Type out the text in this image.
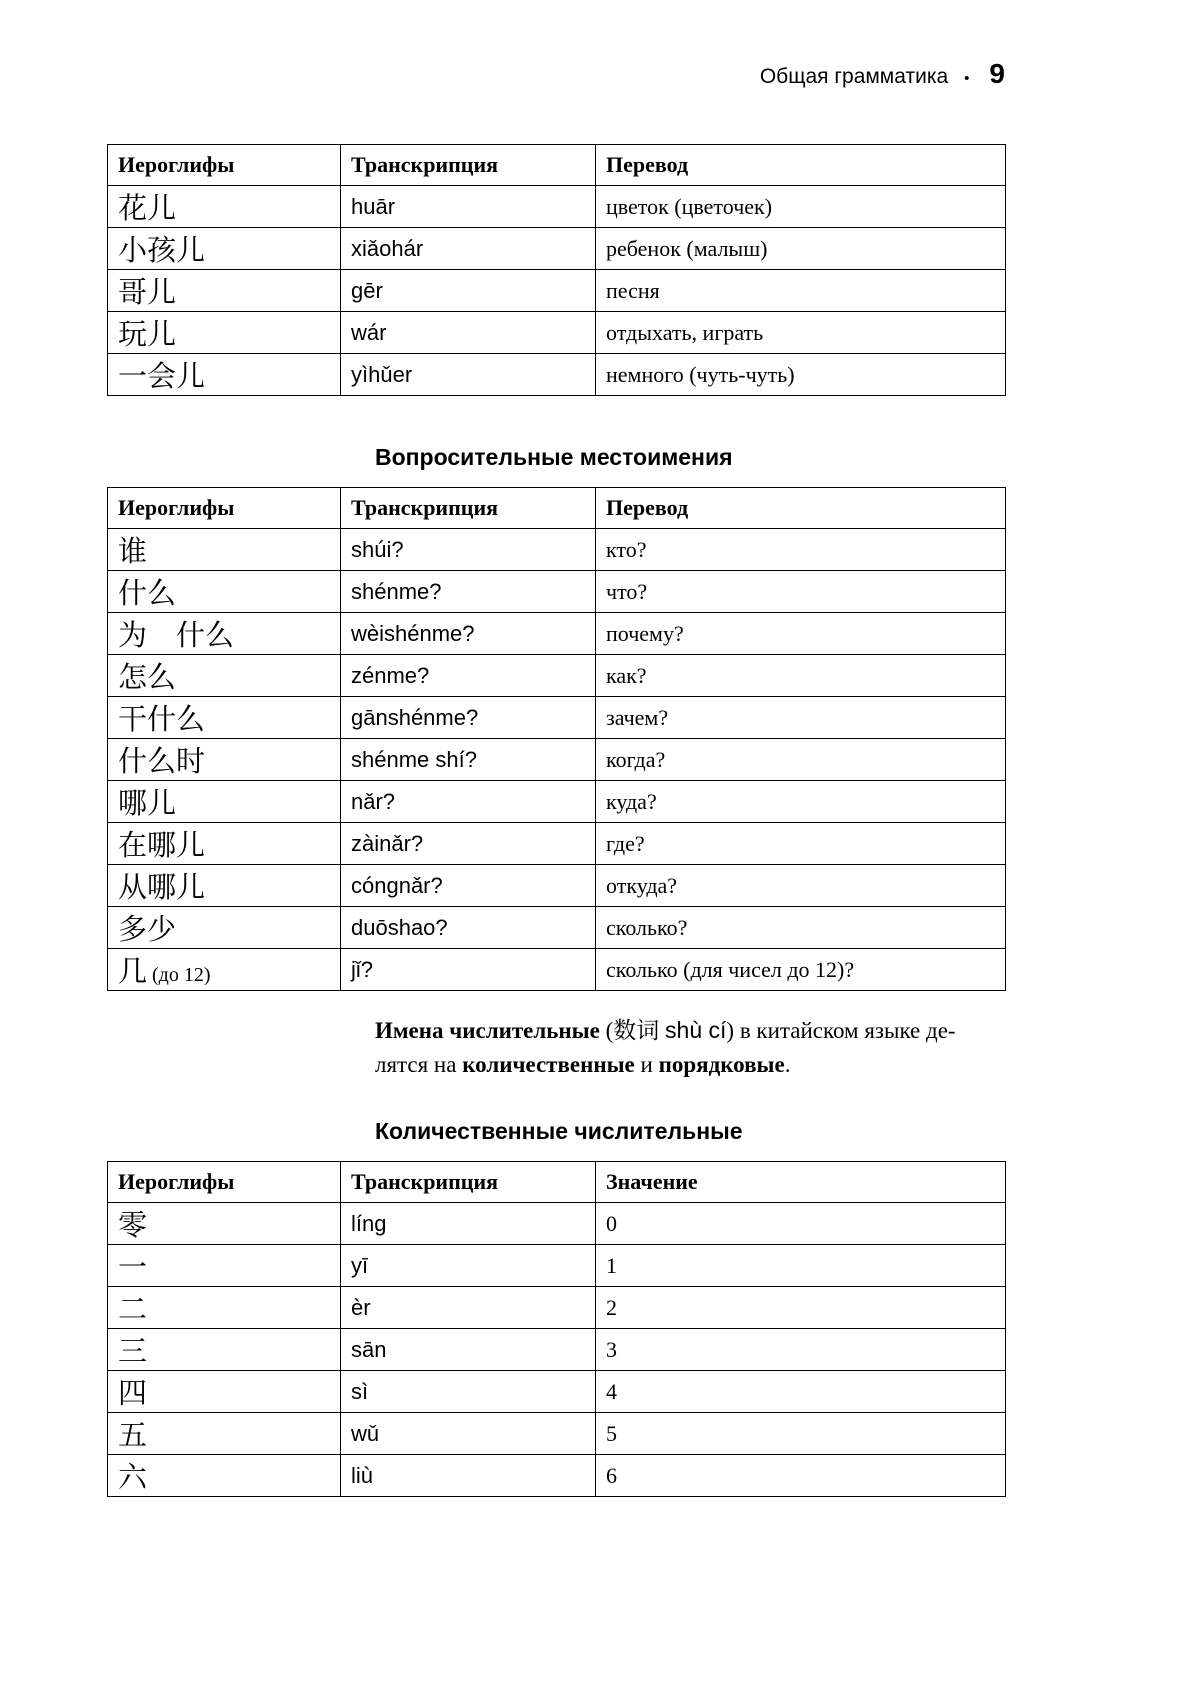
Общая грамматика • 9
Иероглифы	Транскрипция	Перевод
花儿	huār	цветок (цветочек)
小孩儿	xiǎohár	ребенок (малыш)
哥儿	gēr	песня
玩儿	wár	отдыхать, играть
一会儿	yìhǔer	немного (чуть-чуть)
Вопросительные местоимения
Иероглифы	Транскрипция	Перевод
谁	shúi?	кто?
什么	shénme?	что?
为　什么	wèishénme?	почему?
怎么	zénme?	как?
干什么	gānshénme?	зачем?
什么时	shénme shí?	когда?
哪儿	nǎr?	куда?
在哪儿	zàinǎr?	где?
从哪儿	cóngnǎr?	откуда?
多少	duōshao?	сколько?
几 (до 12)	jǐ?	сколько (для чисел до 12)?

Имена числительные (数词 shù cí) в китайском языке де-
лятся на количественные и порядковые.

Количественные числительные
Иероглифы	Транскрипция	Значение
零	líng	0
一	yī	1
二	èr	2
三	sān	3
四	sì	4
五	wǔ	5
六	liù	6
